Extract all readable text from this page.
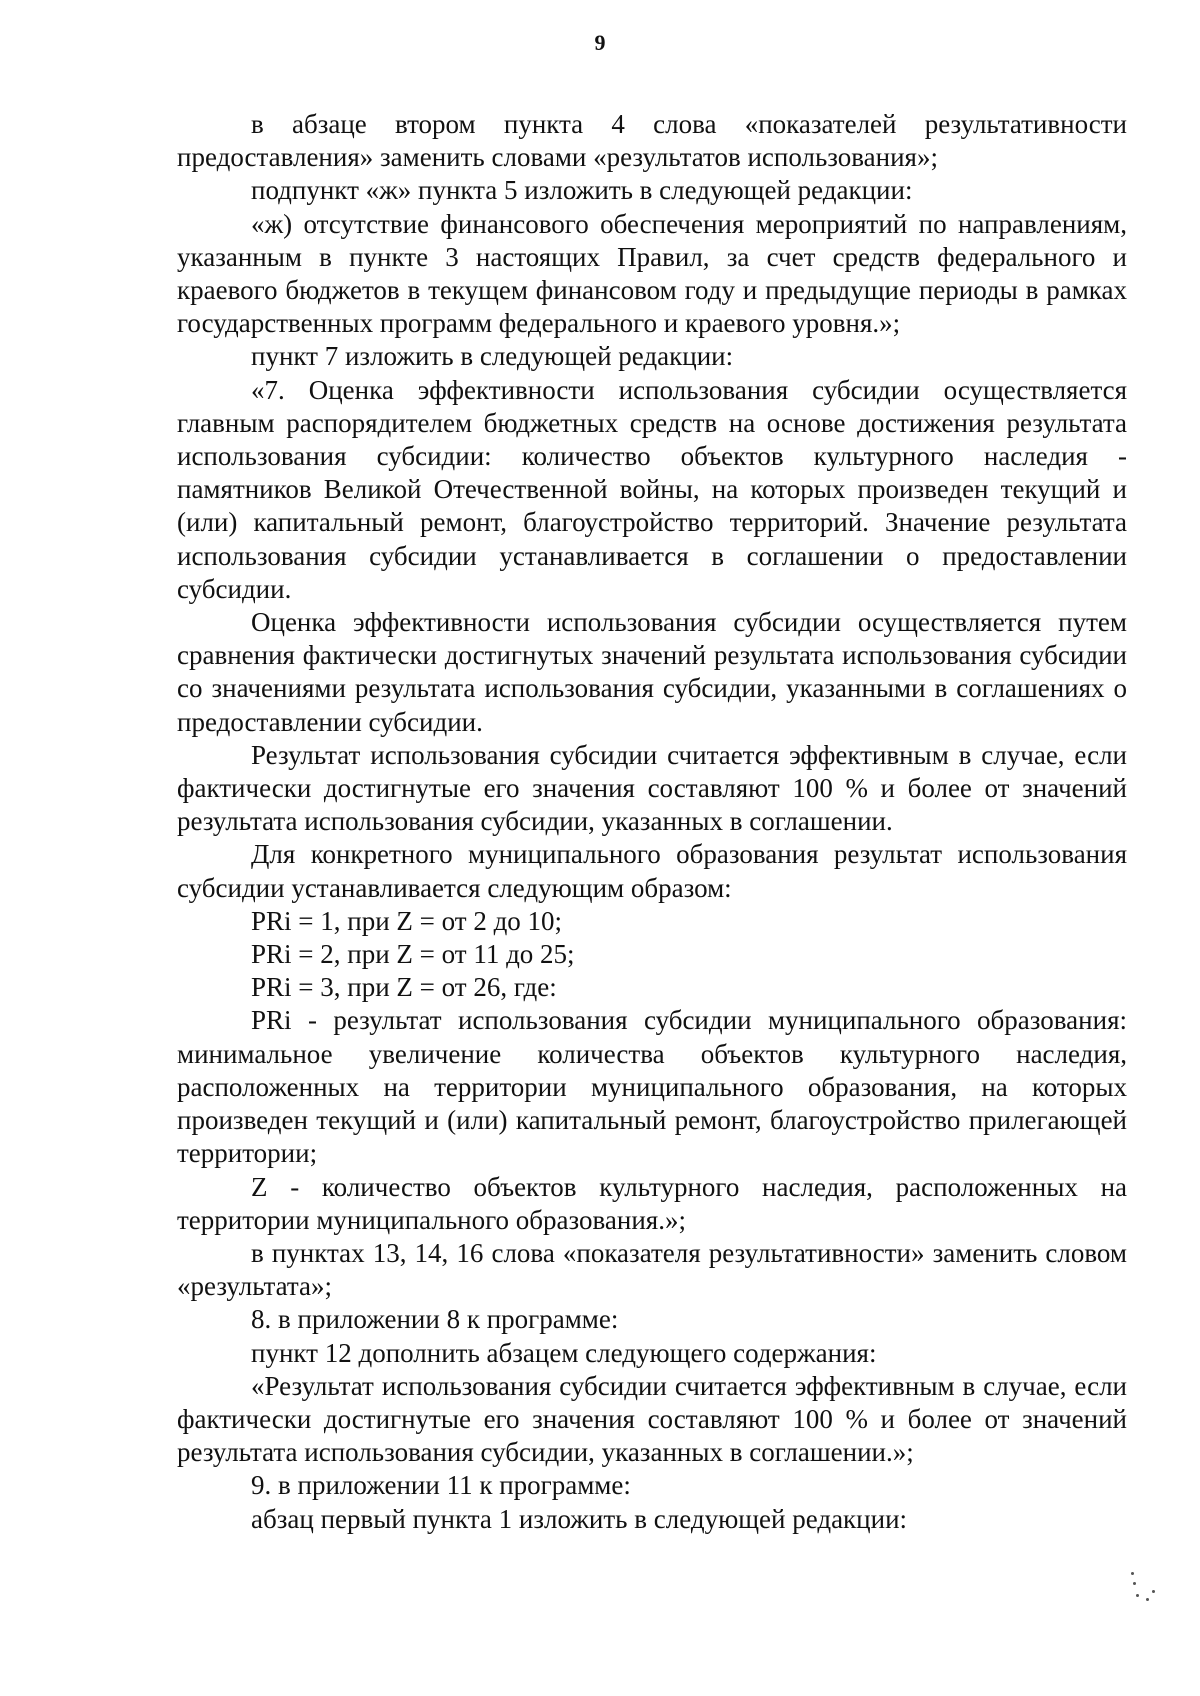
9

в абзаце втором пункта 4 слова «показателей результативности предоставления» заменить словами «результатов использования»;

подпункт «ж» пункта 5 изложить в следующей редакции:

«ж) отсутствие финансового обеспечения мероприятий по направлениям, указанным в пункте 3 настоящих Правил, за счет средств федерального и краевого бюджетов в текущем финансовом году и предыдущие периоды в рамках государственных программ федерального и краевого уровня.»;

пункт 7 изложить в следующей редакции:

«7. Оценка эффективности использования субсидии осуществляется главным распорядителем бюджетных средств на основе достижения результата использования субсидии: количество объектов культурного наследия - памятников Великой Отечественной войны, на которых произведен текущий и (или) капитальный ремонт, благоустройство территорий. Значение результата использования субсидии устанавливается в соглашении о предоставлении субсидии.

Оценка эффективности использования субсидии осуществляется путем сравнения фактически достигнутых значений результата использования субсидии со значениями результата использования субсидии, указанными в соглашениях о предоставлении субсидии.

Результат использования субсидии считается эффективным в случае, если фактически достигнутые его значения составляют 100 % и более от значений результата использования субсидии, указанных в соглашении.

Для конкретного муниципального образования результат использования субсидии устанавливается следующим образом:

PRi = 1, при Z = от 2 до 10;

PRi = 2, при Z = от 11 до 25;

PRi = 3, при Z = от 26, где:

PRi - результат использования субсидии муниципального образования: минимальное увеличение количества объектов культурного наследия, расположенных на территории муниципального образования, на которых произведен текущий и (или) капитальный ремонт, благоустройство прилегающей территории;

Z - количество объектов культурного наследия, расположенных на территории муниципального образования.»;

в пунктах 13, 14, 16 слова «показателя результативности» заменить словом «результата»;

8. в приложении 8 к программе:

пункт 12 дополнить абзацем следующего содержания:

«Результат использования субсидии считается эффективным в случае, если фактически достигнутые его значения составляют 100 % и более от значений результата использования субсидии, указанных в соглашении.»;

9. в приложении 11 к программе:

абзац первый пункта 1 изложить в следующей редакции:
